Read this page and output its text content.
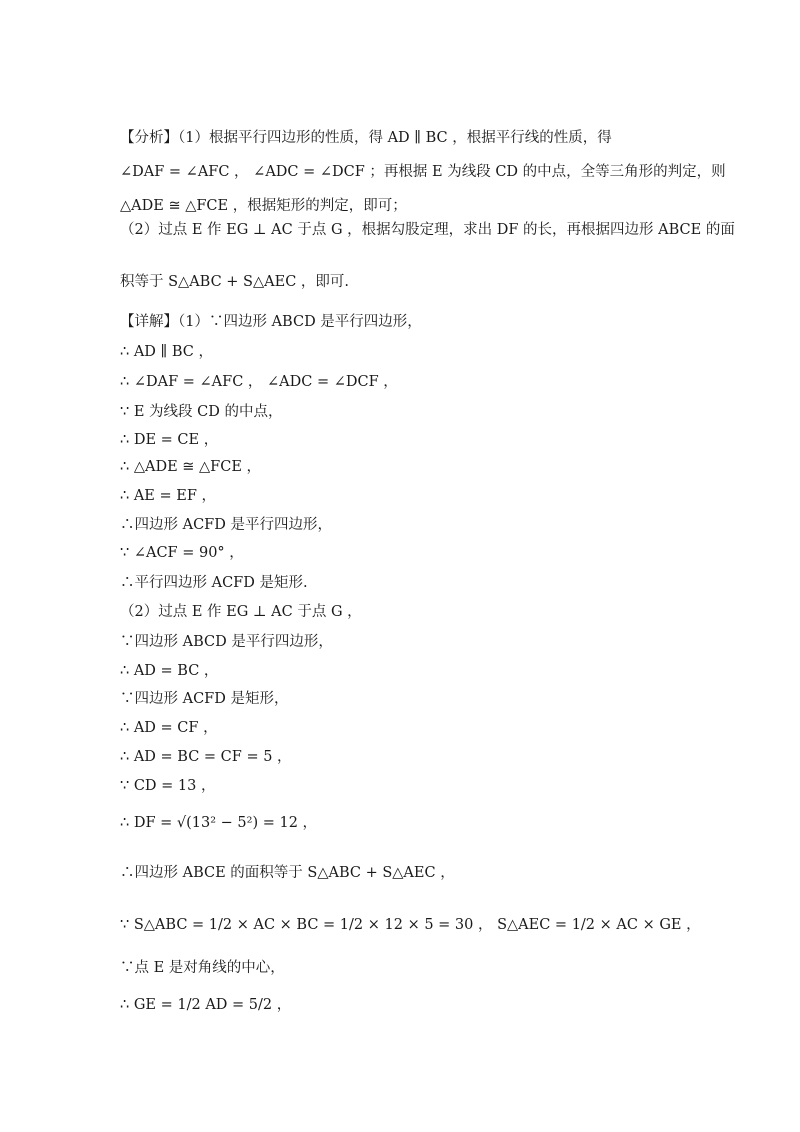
【分析】（1）根据平行四边形的性质，得 AD ∥ BC ，根据平行线的性质，得
∠DAF = ∠AFC ， ∠ADC = ∠DCF ；再根据 E 为线段 CD 的中点，全等三角形的判定，则
△ADE ≅ △FCE ，根据矩形的判定，即可；
（2）过点 E 作 EG ⊥ AC 于点 G ，根据勾股定理，求出 DF 的长，再根据四边形 ABCE 的面
积等于 S△ABC + S△AEC ，即可.
【详解】（1）∵四边形 ABCD 是平行四边形，
∴ AD ∥ BC ，
∴ ∠DAF = ∠AFC ， ∠ADC = ∠DCF ，
∵ E 为线段 CD 的中点，
∴ DE = CE ，
∴ △ADE ≅ △FCE ，
∴ AE = EF ，
∴四边形 ACFD 是平行四边形，
∵ ∠ACF = 90° ，
∴平行四边形 ACFD 是矩形.
（2）过点 E 作 EG ⊥ AC 于点 G ，
∵四边形 ABCD 是平行四边形，
∴ AD = BC ，
∵四边形 ACFD 是矩形，
∴ AD = CF ，
∴ AD = BC = CF = 5 ，
∵ CD = 13 ，
∴ DF = √(13² − 5²) = 12 ，
∴四边形 ABCE 的面积等于 S△ABC + S△AEC ，
∵ S△ABC = 1/2 × AC × BC = 1/2 × 12 × 5 = 30 ， S△AEC = 1/2 × AC × GE ，
∵点 E 是对角线的中心，
∴ GE = 1/2 AD = 5/2 ，
